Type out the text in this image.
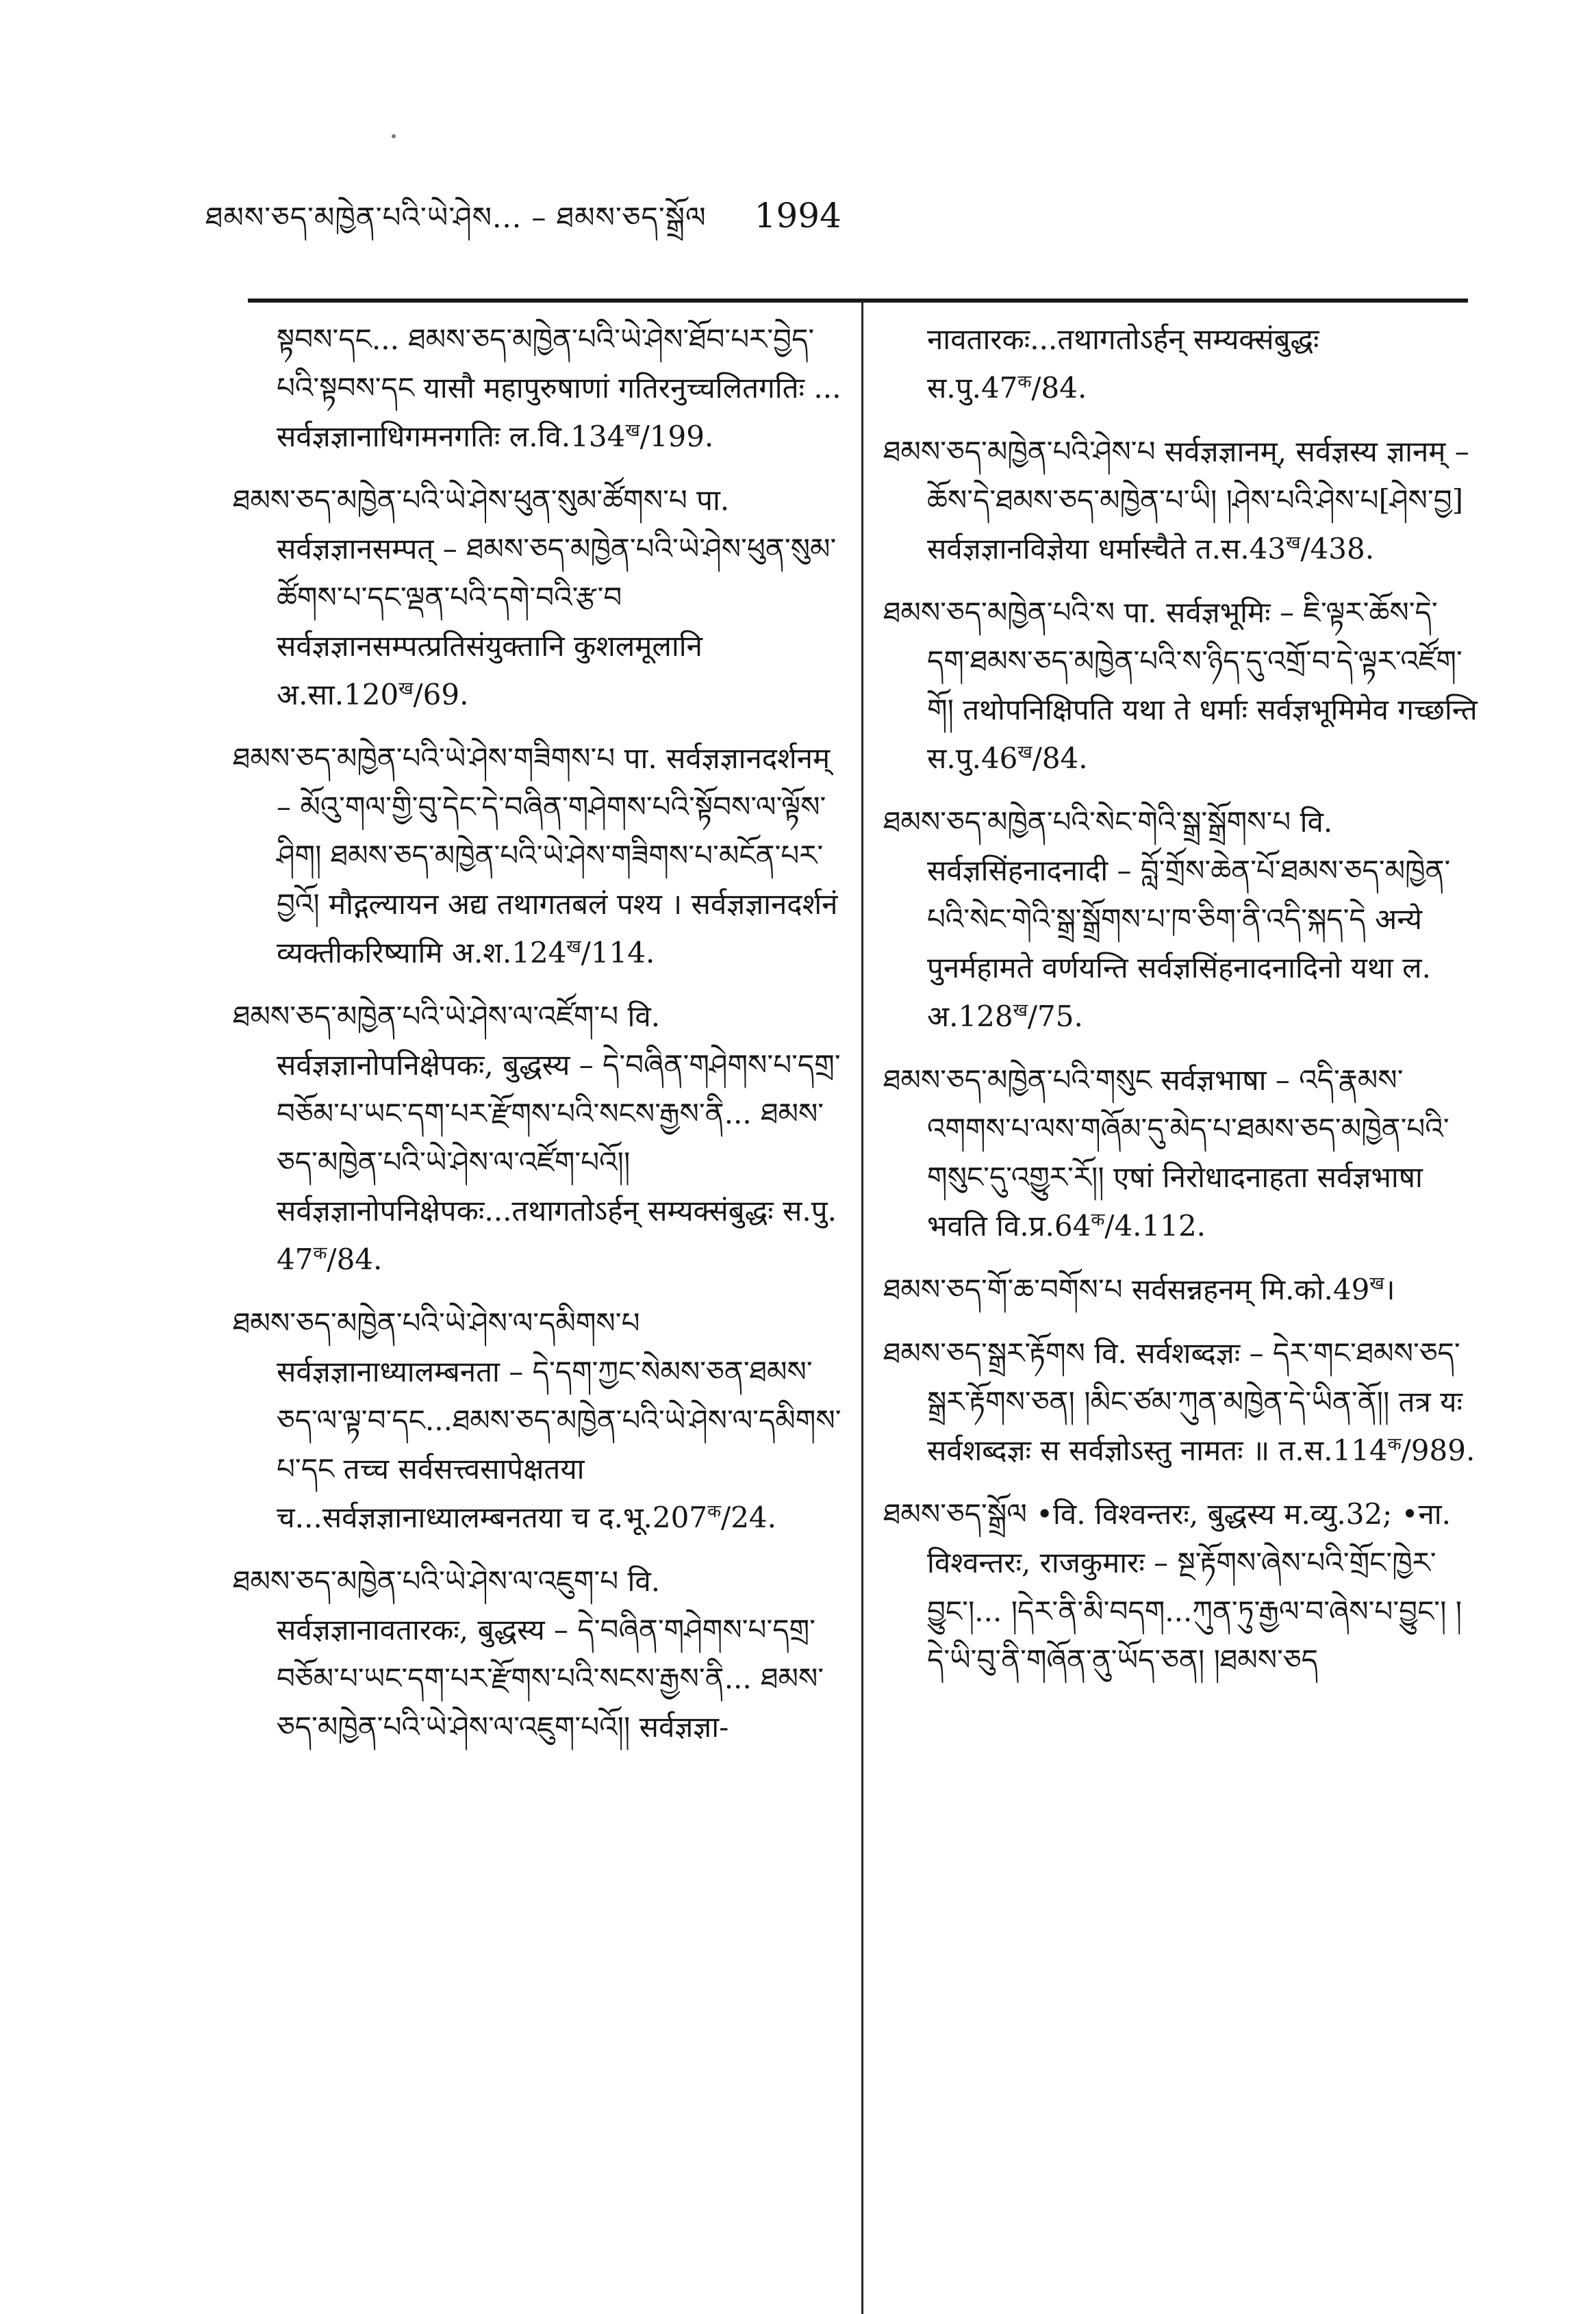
ཐམས་ཅད་མཁྱེན་པའི་ཡེ་ཤེས... – ཐམས་ཅད་སྒྲོལ 1994

སྟབས་དང... ཐམས་ཅད་མཁྱེན་པའི་ཡེ་ཤེས་ཐོབ་པར་བྱེད་པའི་སྟབས་དང यासौ महापुरुषाणां गतिरनुच्चलितगतिः ... सर्वज्ञज्ञानाधिगमनगतिः $ल.वि.134^ख/199$.

ཐམས་ཅད་མཁྱེན་པའི་ཡེ་ཤེས་ཕུན་སུམ་ཚོགས་པ पा. सर्वज्ञज्ञानसम्पत् – ཐམས་ཅད་མཁྱེན་པའི་ཡེ་ཤེས་ཕུན་སུམ་ཚོགས་པ་དང་ལྡན་པའི་དགེ་བའི་རྩ་བ सर्वज्ञज्ञानसम्पत्प्रतिसंयुक्तानि कुशलमूलानि $अ.सा.120^ख/69$.

ཐམས་ཅད་མཁྱེན་པའི་ཡེ་ཤེས་གཟིགས་པ पा. सर्वज्ञज्ञानदर्शनम् – མོའུ་གལ་གྱི་བུ་དེང་དེ་བཞིན་གཤེགས་པའི་སྟོབས་ལ་ལྟོས་ཤིག། ཐམས་ཅད་མཁྱེན་པའི་ཡེ་ཤེས་གཟིགས་པ་མངོན་པར་བྱའོ། मौद्गल्यायन अद्य तथागतबलं पश्य । सर्वज्ञज्ञानदर्शनं व्यक्तीकरिष्यामि $अ.श.124^ख/114$.

ཐམས་ཅད་མཁྱེན་པའི་ཡེ་ཤེས་ལ་འཛོག་པ वि. सर्वज्ञज्ञानोपनिक्षेपकः, बुद्धस्य – དེ་བཞིན་གཤེགས་པ་དགྲ་བཅོམ་པ་ཡང་དག་པར་རྫོགས་པའི་སངས་རྒྱས་ནི... ཐམས་ཅད་མཁྱེན་པའི་ཡེ་ཤེས་ལ་འཛོག་པའོ།། सर्वज्ञज्ञानोपनिक्षेपकः...तथागतोऽर्हन् सम्यक्संबुद्धः स.पु. $47^क/84$.

ཐམས་ཅད་མཁྱེན་པའི་ཡེ་ཤེས་ལ་དམིགས་པ सर्वज्ञज्ञानाध्यालम्बनता – དེ་དག་ཀྱང་སེམས་ཅན་ཐམས་ཅད་ལ་ལྟ་བ་དང...ཐམས་ཅད་མཁྱེན་པའི་ཡེ་ཤེས་ལ་དམིགས་པ་དང तच्च सर्वसत्त्वसापेक्षतया च...सर्वज्ञज्ञानाध्यालम्बनतया च $द.भू.207^क/24$.

ཐམས་ཅད་མཁྱེན་པའི་ཡེ་ཤེས་ལ་འཇུག་པ वि. सर्वज्ञज्ञानावतारकः, बुद्धस्य – དེ་བཞིན་གཤེགས་པ་དགྲ་བཅོམ་པ་ཡང་དག་པར་རྫོགས་པའི་སངས་རྒྱས་ནི... ཐམས་ཅད་མཁྱེན་པའི་ཡེ་ཤེས་ལ་འཇུག་པའོ།། सर्वज्ञज्ञा-

नावतारकः...तथागतोऽर्हन् सम्यक्संबुद्धः $स.पु.47^क/84$.

ཐམས་ཅད་མཁྱེན་པའི་ཤེས་པ सर्वज्ञज्ञानम्, सर्वज्ञस्य ज्ञानम् – ཆོས་དེ་ཐམས་ཅད་མཁྱེན་པ་ཡི། །ཤེས་པའི་ཤེས་པ[ཤེས་བྱ] सर्वज्ञज्ञानविज्ञेया धर्मास्चैते $त.स.43^ख/438$.

ཐམས་ཅད་མཁྱེན་པའི་ས पा. सर्वज्ञभूमिः – ཇི་ལྟར་ཆོས་དེ་དག་ཐམས་ཅད་མཁྱེན་པའི་ས་ཉིད་དུ་འགྲོ་བ་དེ་ལྟར་འཛོག་གོ། तथोपनिक्षिपति यथा ते धर्माः सर्वज्ञभूमिमेव गच्छन्ति $स.पु.46^ख/84$.

ཐམས་ཅད་མཁྱེན་པའི་སེང་གེའི་སྒྲ་སྒྲོགས་པ वि. सर्वज्ञसिंहनादनादी – བློ་གྲོས་ཆེན་པོ་ཐམས་ཅད་མཁྱེན་པའི་སེང་གེའི་སྒྲ་སྒྲོགས་པ་ཁ་ཅིག་ནི་འདི་སྐད་དེ अन्ये पुनर्महामते वर्णयन्ति सर्वज्ञसिंहनादनादिनो यथा ल. $अ.128^ख/75$.

ཐམས་ཅད་མཁྱེན་པའི་གསུང सर्वज्ञभाषा – འདི་རྣམས་འགགས་པ་ལས་གཞོམ་དུ་མེད་པ་ཐམས་ཅད་མཁྱེན་པའི་གསུང་དུ་འགྱུར་རོ།། एषां निरोधादनाहता सर्वज्ञभाषा भवति $वि.प्र.64^क/4.112$.

ཐམས་ཅད་གོ་ཆ་བགོས་པ सर्वसन्नहनम् $मि.को.49^ख।$

ཐམས་ཅད་སྒྲར་རྟོགས वि. सर्वशब्दज्ञः – དེར་གང་ཐམས་ཅད་སྒྲར་རྟོགས་ཅན། །མིང་ཙམ་ཀུན་མཁྱེན་དེ་ཡིན་ནོ།། तत्र यः सर्वशब्दज्ञः स सर्वज्ञोऽस्तु नामतः ॥ $त.स.114^क/989$.

ཐམས་ཅད་སྒྲོལ •वि. विश्वन्तरः, बुद्धस्य म.व्यु.32; •ना. विश्वन्तरः, राजकुमारः – སྔ་རྟོགས་ཞེས་པའི་གྲོང་ཁྱེར་བྱུང་།... །དེར་ནི་མི་བདག...ཀུན་ཏུ་རྒྱལ་བ་ཞེས་པ་བྱུང་། །དེ་ཡི་བུ་ནི་གཞོན་ནུ་ཡོད་ཅན། །ཐམས་ཅད
